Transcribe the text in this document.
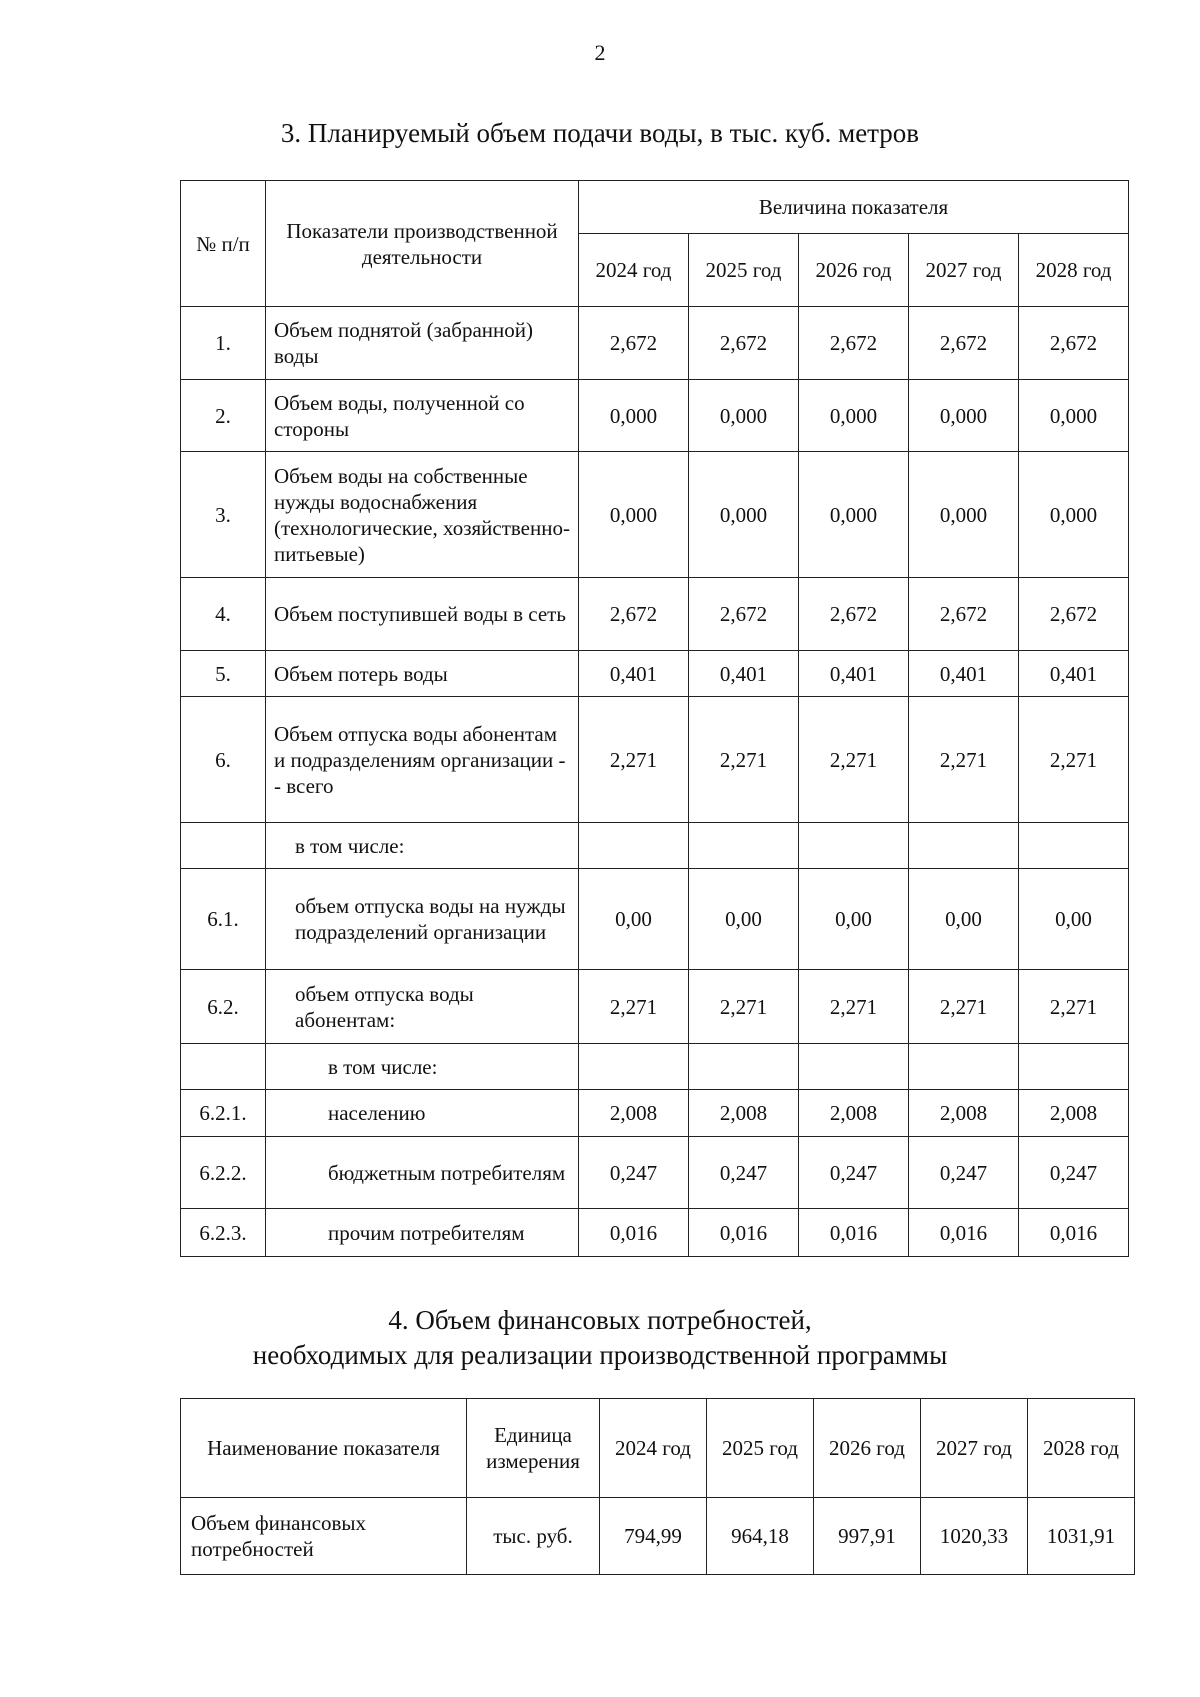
2
3. Планируемый объем подачи воды, в тыс. куб. метров
№ п/п	Показатели производственной деятельности	Величина показателя				
		2024 год	2025 год	2026 год	2027 год	2028 год
1.	Объем поднятой (забранной) воды	2,672	2,672	2,672	2,672	2,672
2.	Объем воды, полученной со стороны	0,000	0,000	0,000	0,000	0,000
3.	Объем воды на собственные нужды водоснабжения (технологические, хозяйственно-питьевые)	0,000	0,000	0,000	0,000	0,000
4.	Объем поступившей воды в сеть	2,672	2,672	2,672	2,672	2,672
5.	Объем потерь воды	0,401	0,401	0,401	0,401	0,401
6.	Объем отпуска воды абонентам и подразделениям организации -- всего	2,271	2,271	2,271	2,271	2,271
	в том числе:					
6.1.	объем отпуска воды на нужды подразделений организации	0,00	0,00	0,00	0,00	0,00
6.2.	объем отпуска воды абонентам:	2,271	2,271	2,271	2,271	2,271
	в том числе:					
6.2.1.	населению	2,008	2,008	2,008	2,008	2,008
6.2.2.	бюджетным потребителям	0,247	0,247	0,247	0,247	0,247
6.2.3.	прочим потребителям	0,016	0,016	0,016	0,016	0,016
4. Объем финансовых потребностей,
необходимых для реализации производственной программы
Наименование показателя	Единица измерения	2024 год	2025 год	2026 год	2027 год	2028 год
Объем финансовых потребностей	тыс. руб.	794,99	964,18	997,91	1020,33	1031,91
